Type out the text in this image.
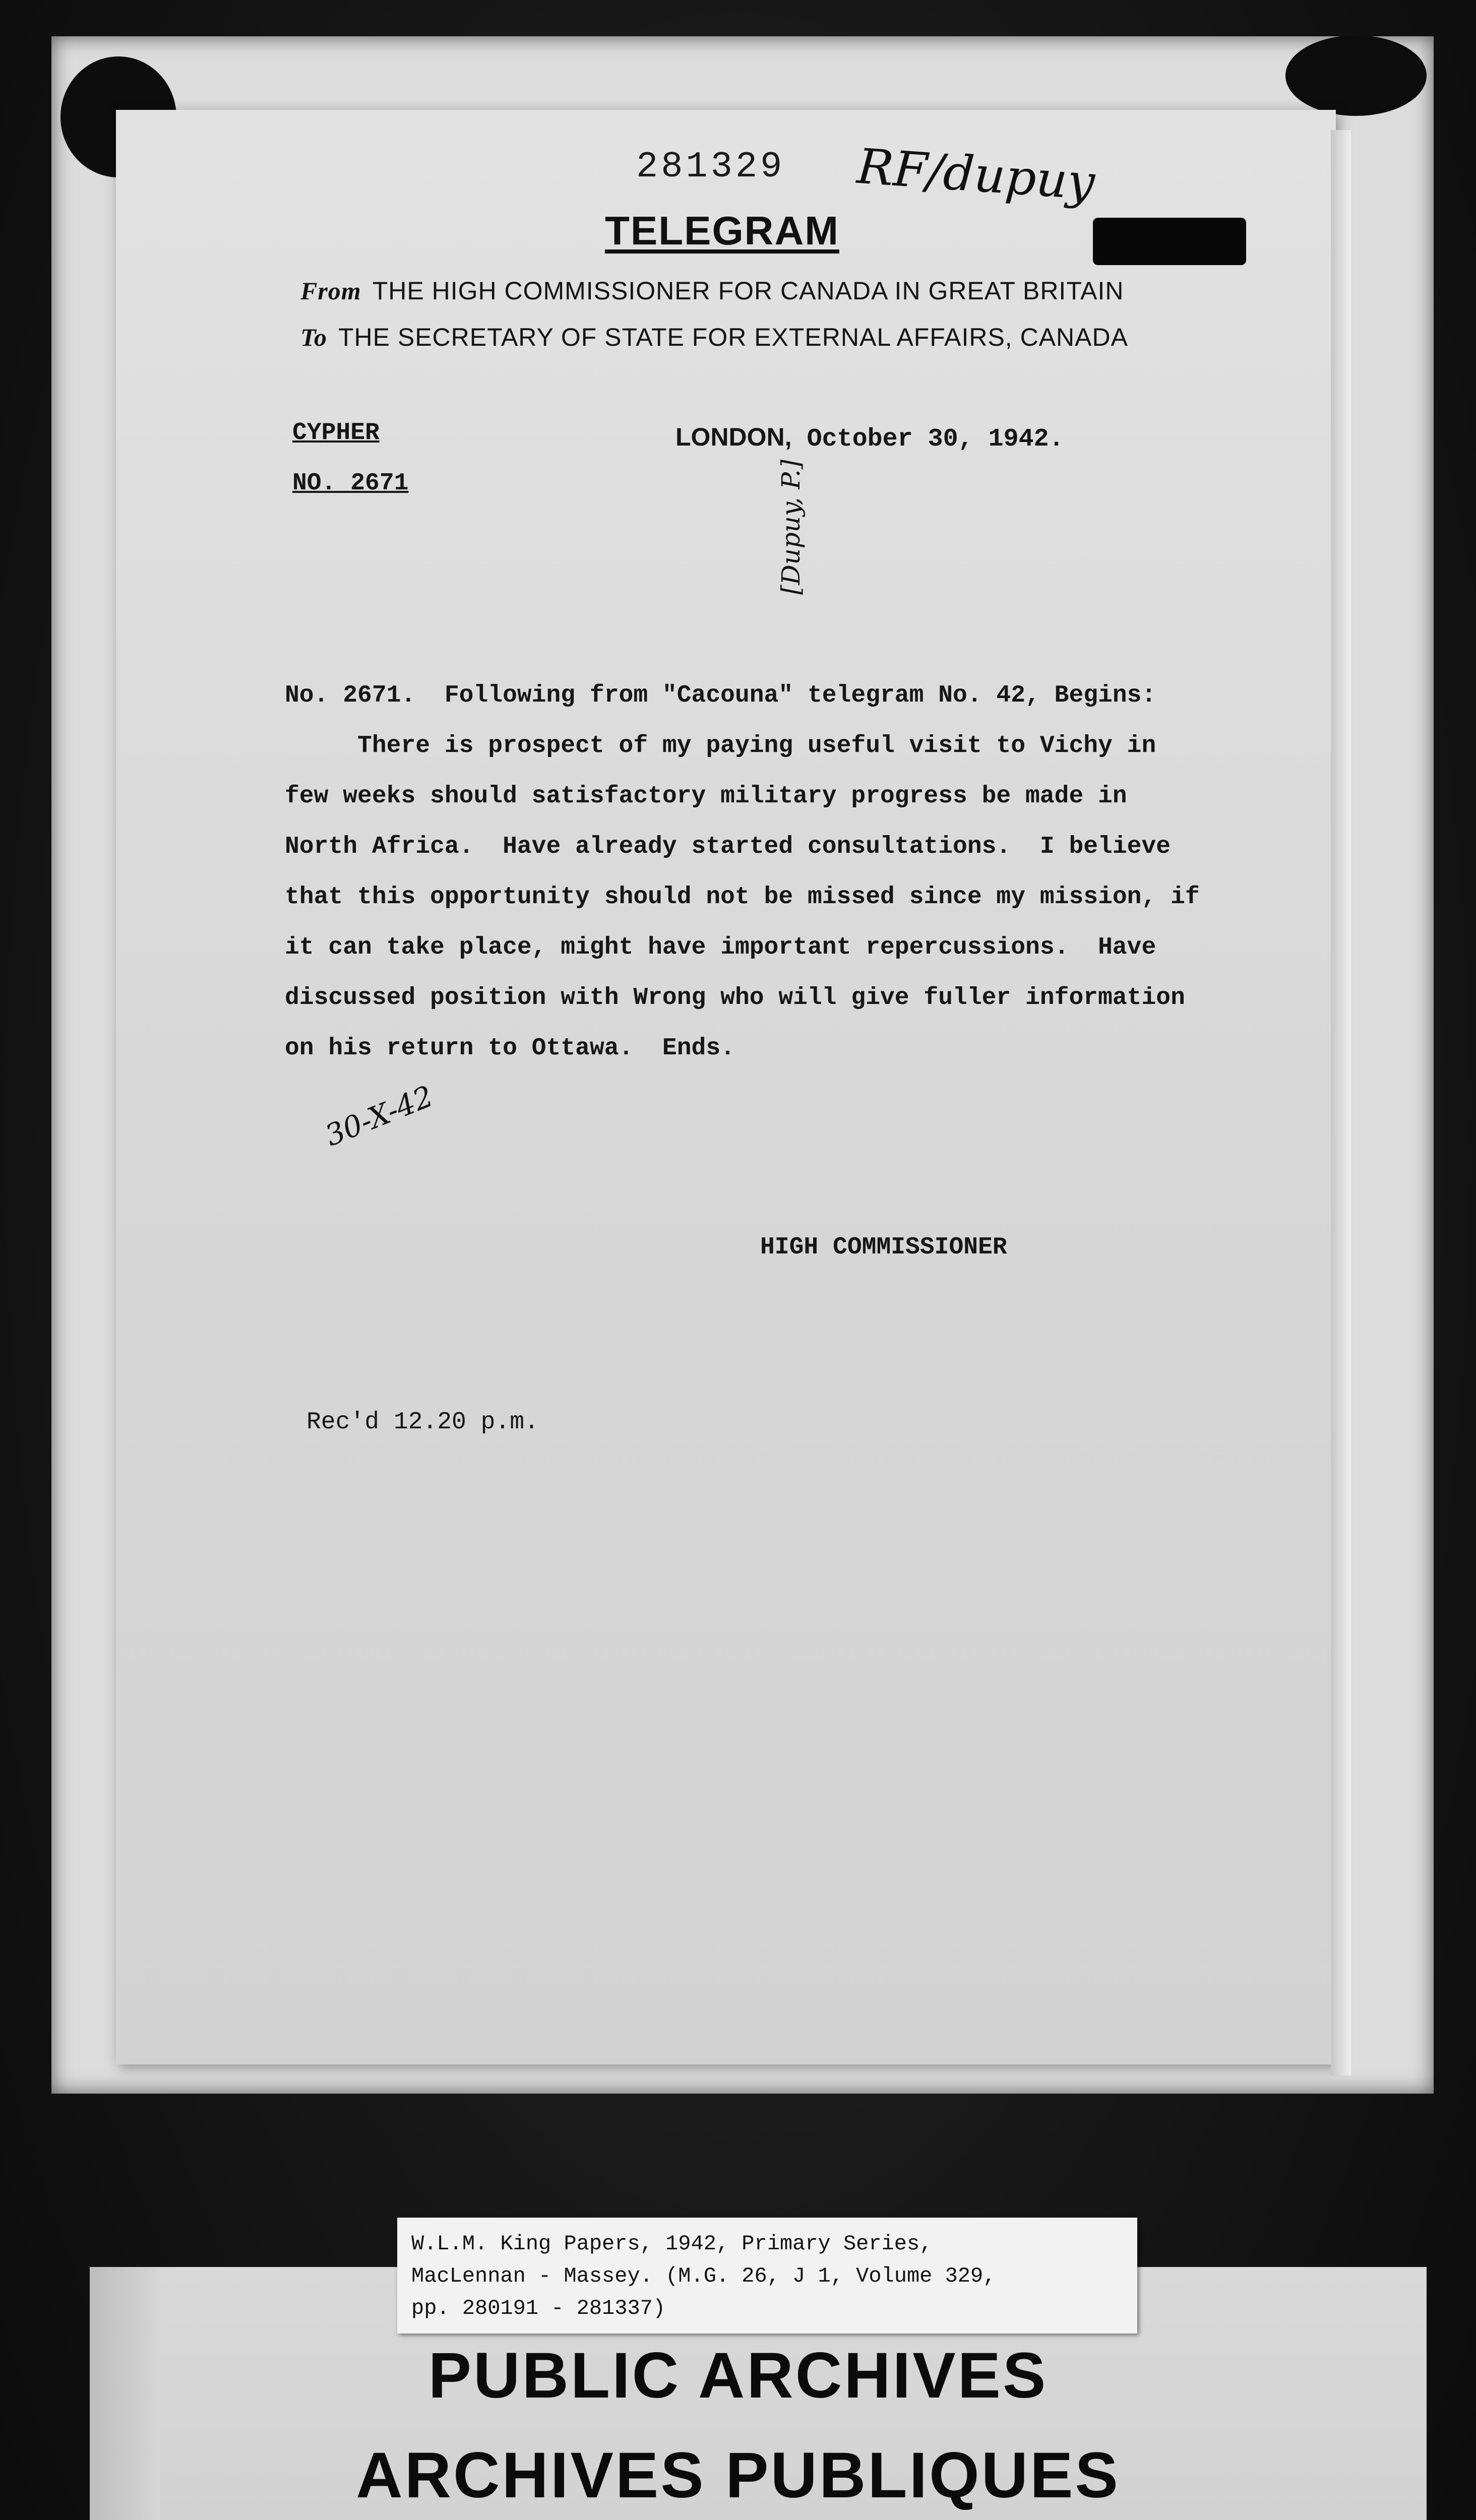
281329 RF/dupuy
TELEGRAM
From THE HIGH COMMISSIONER FOR CANADA IN GREAT BRITAIN
To THE SECRETARY OF STATE FOR EXTERNAL AFFAIRS, CANADA
CYPHER
NO. 2671
LONDON, October 30, 1942.
[Dupuy, P.]
No. 2671.  Following from "Cacouna" telegram No. 42, Begins:
There is prospect of my paying useful visit to Vichy in
few weeks should satisfactory military progress be made in
North Africa.  Have already started consultations.  I believe
that this opportunity should not be missed since my mission, if
it can take place, might have important repercussions.  Have
discussed position with Wrong who will give fuller information
on his return to Ottawa.  Ends.
30-X-42
HIGH COMMISSIONER
Rec'd 12.20 p.m.
W.L.M. King Papers, 1942, Primary Series,
MacLennan - Massey. (M.G. 26, J 1, Volume 329,
pp. 280191 - 281337)
PUBLIC ARCHIVES
ARCHIVES PUBLIQUES
